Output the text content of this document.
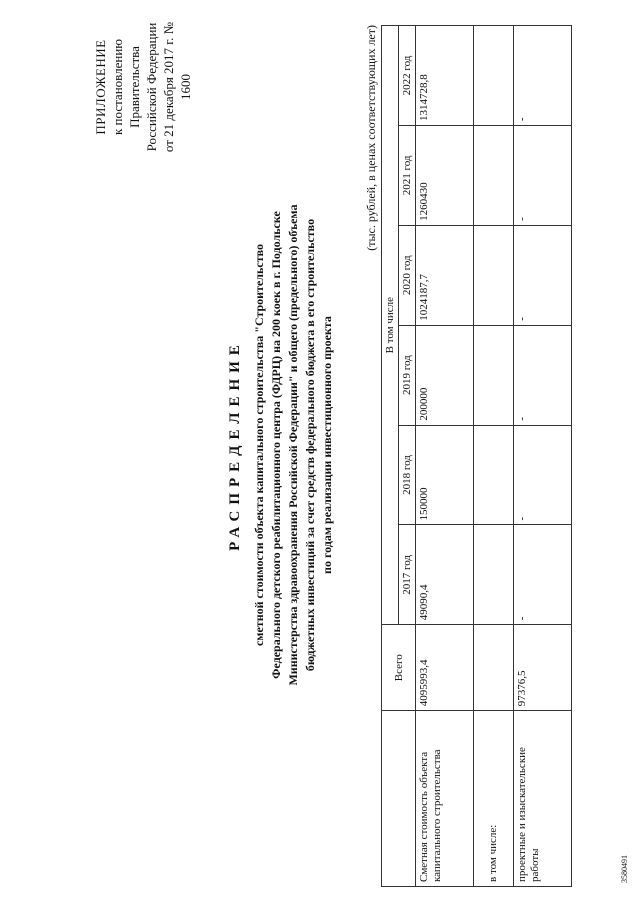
ПРИЛОЖЕНИЕ к постановлению Правительства Российской Федерации от 21 декабря 2017 г. № 1600
РАСПРЕДЕЛЕНИЕ сметной стоимости объекта капитального строительства "Строительство Федерального детского реабилитационного центра (ФДРЦ) на 200 коек в г. Подольске Министерства здравоохранения Российской Федерации" и общего (предельного) объема бюджетных инвестиций за счет средств федерального бюджета в его строительство по годам реализации инвестиционного проекта
(тыс. рублей, в ценах соответствующих лет)
	Всего	В том числе					
		2017 год	2018 год	2019 год	2020 год	2021 год	2022 год
Сметная стоимость объекта капитального строительства	4095993,4	49090,4	150000	200000	1024187,7	1260430	1314728,8
в том числе:							
проектные и изыскательские работы	97376,5	-	-	-	-	-	-
3580491
